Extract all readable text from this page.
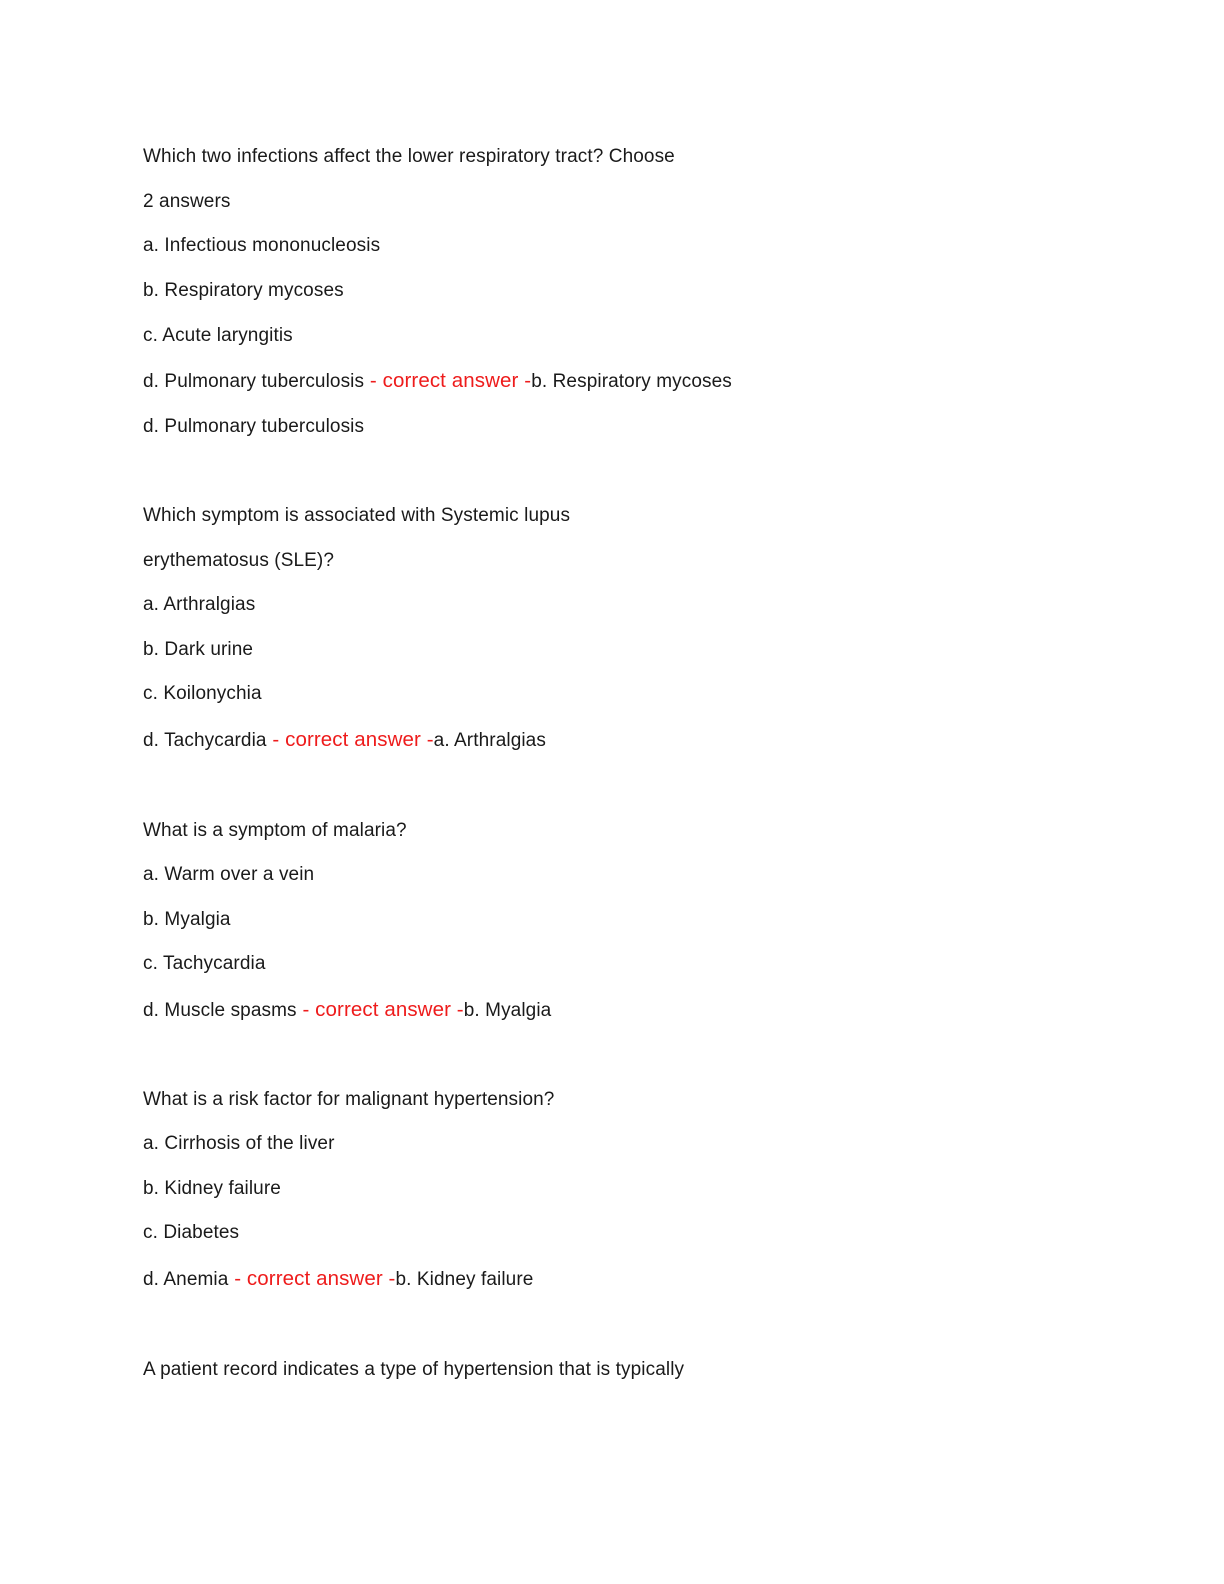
Which two infections affect the lower respiratory tract? Choose
2 answers
a. Infectious mononucleosis
b. Respiratory mycoses
c. Acute laryngitis
d. Pulmonary tuberculosis - correct answer -b. Respiratory mycoses
d. Pulmonary tuberculosis
Which symptom is associated with Systemic lupus
erythematosus (SLE)?
a. Arthralgias
b. Dark urine
c. Koilonychia
d. Tachycardia - correct answer -a. Arthralgias
What is a symptom of malaria?
a. Warm over a vein
b. Myalgia
c. Tachycardia
d. Muscle spasms - correct answer -b. Myalgia
What is a risk factor for malignant hypertension?
a. Cirrhosis of the liver
b. Kidney failure
c. Diabetes
d. Anemia - correct answer -b. Kidney failure
A patient record indicates a type of hypertension that is typically
